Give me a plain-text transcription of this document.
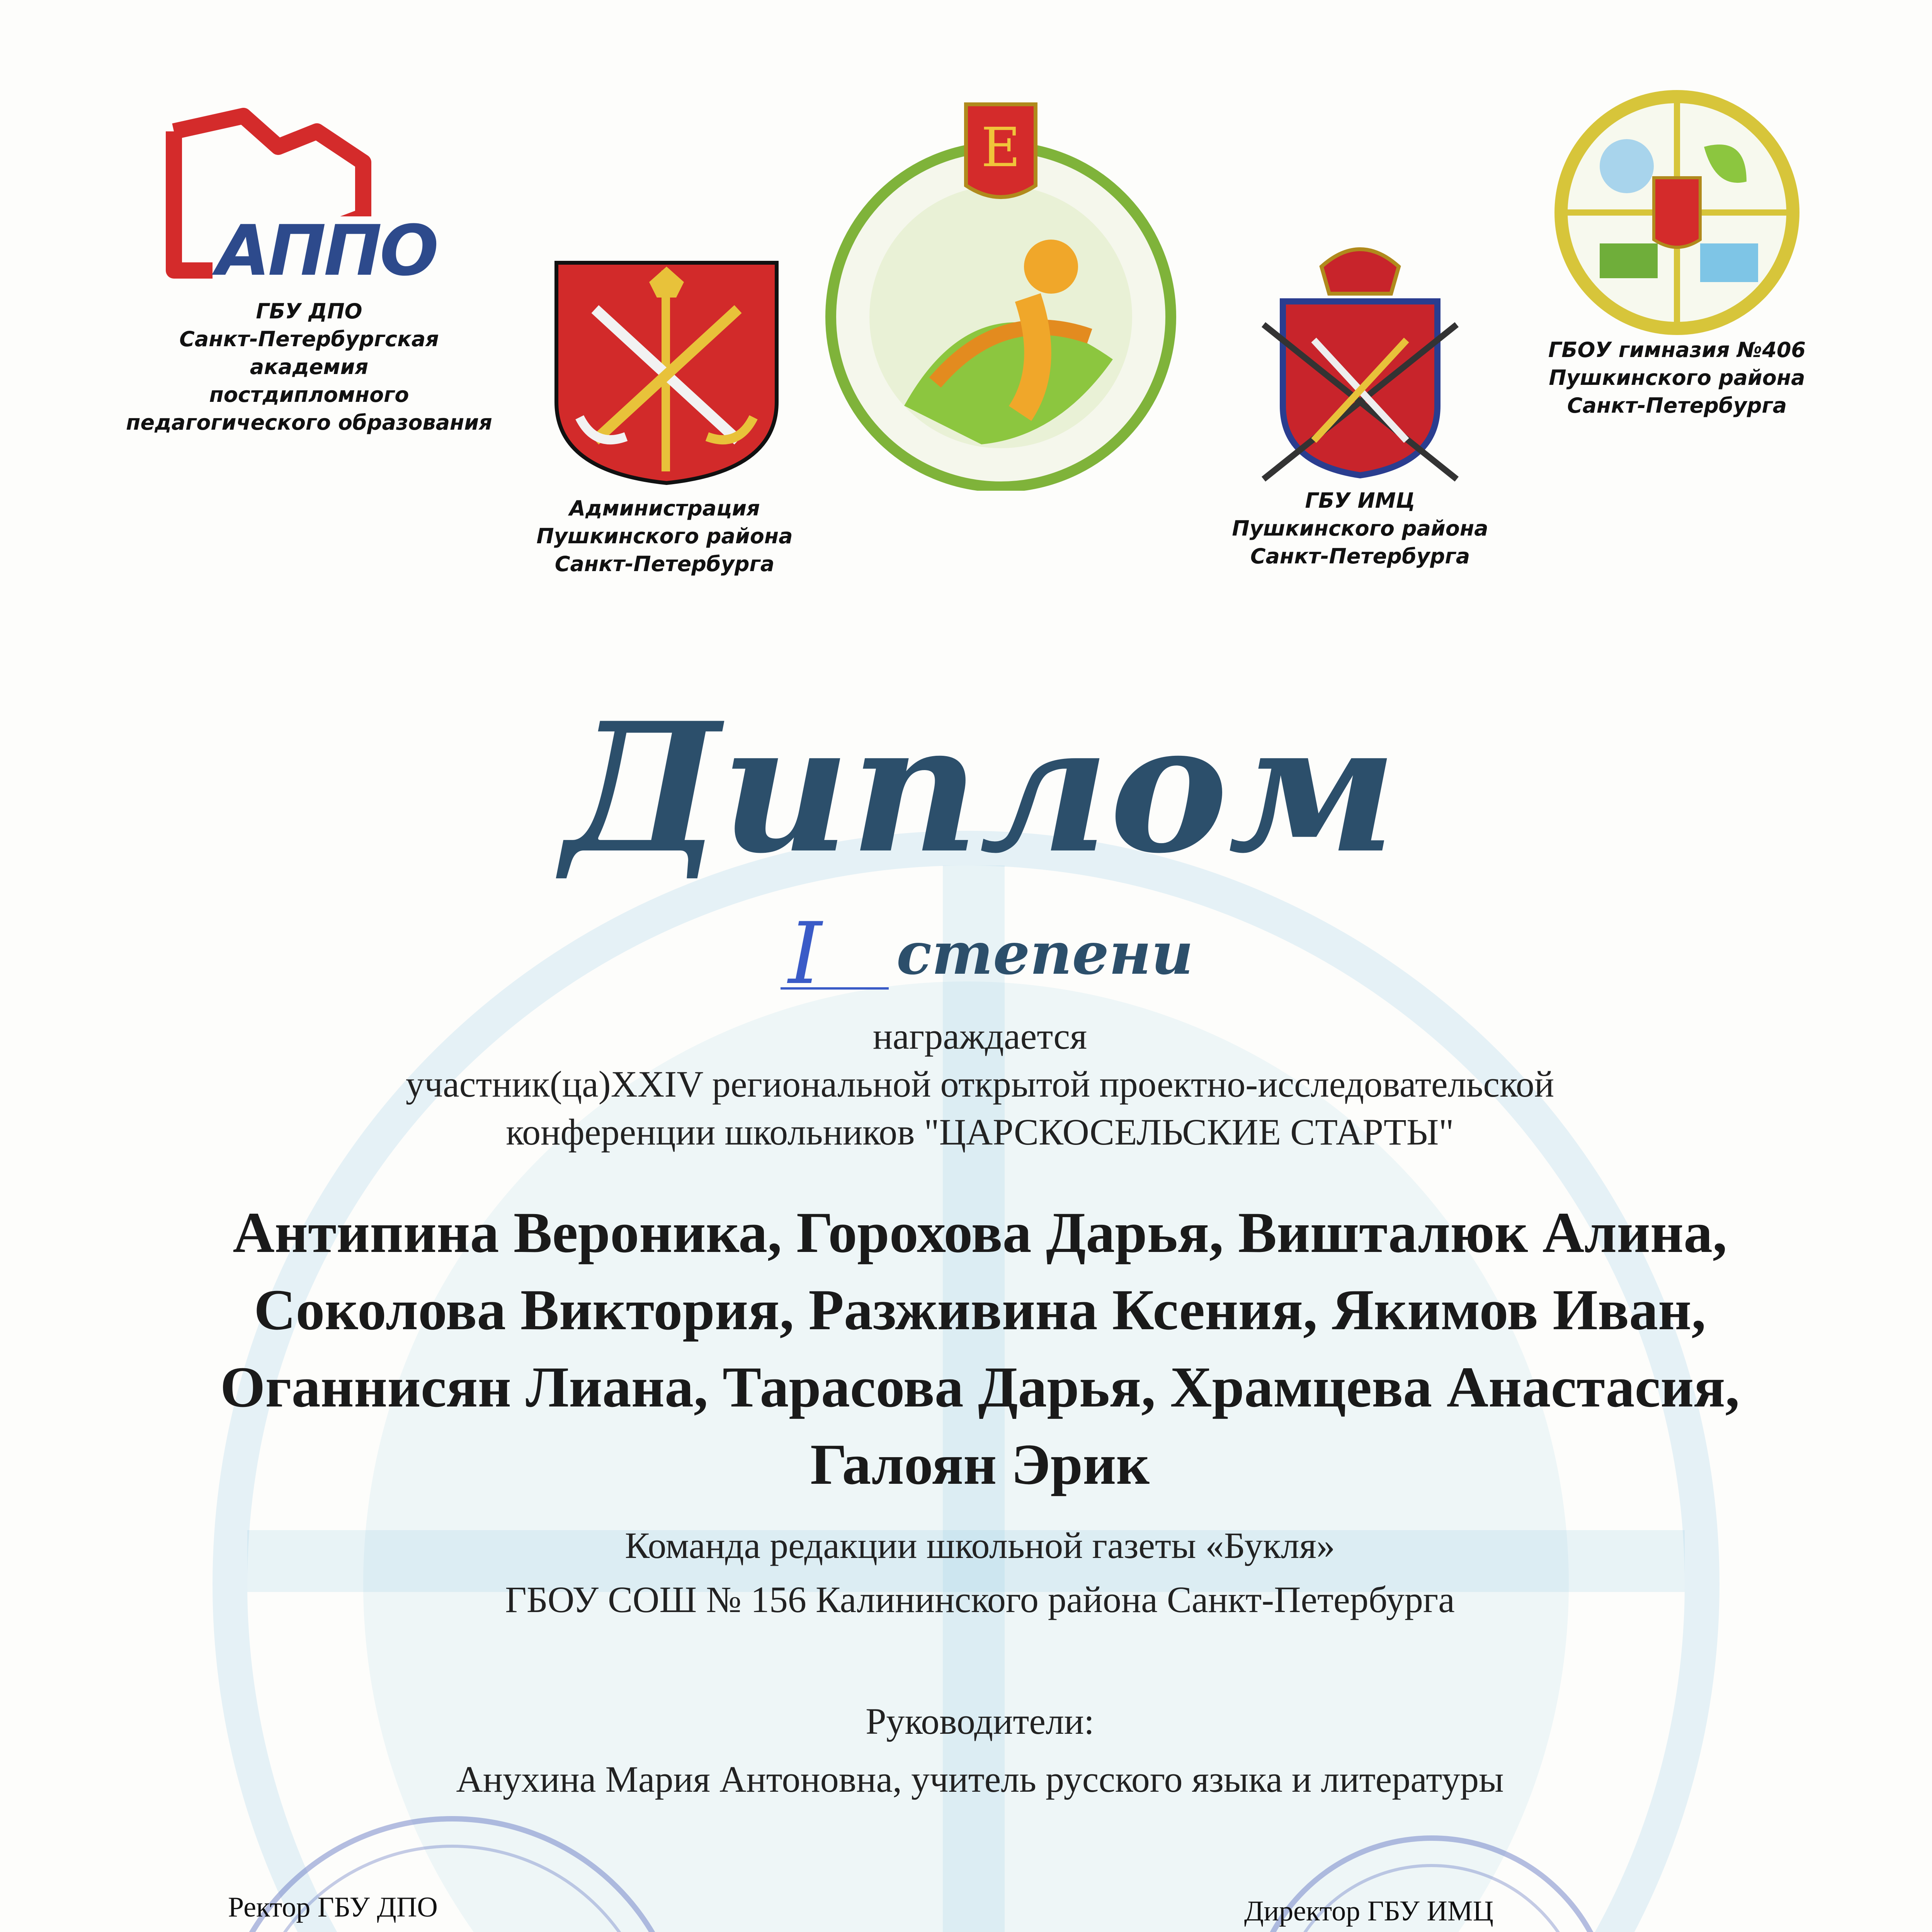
АППО
ГБУ ДПО
Санкт-Петербургская
академия
постдипломного
педагогического образования
Администрация
Пушкинского района
Санкт-Петербурга
Е
ГБУ ИМЦ
Пушкинского района
Санкт-Петербурга
ГБОУ гимназия №406
Пушкинского района
Санкт-Петербурга
Диплом
I степени
награждается
участник(ца)XXIV региональной открытой проектно-исследовательской
конференции школьников "ЦАРСКОСЕЛЬСКИЕ СТАРТЫ"
Антипина Вероника, Горохова Дарья, Вишталюк Алина,
Соколова Виктория, Разживина Ксения, Якимов Иван,
Оганнисян Лиана, Тарасова Дарья, Храмцева Анастасия,
Галоян Эрик
Команда редакции школьной газеты «Букля»
ГБОУ СОШ № 156 Калининского района Санкт-Петербурга
Руководители:
Анухина Мария Антоновна, учитель русского языка и литературы
Ректор ГБУ ДПО	Директор ГБУ ИМЦ
